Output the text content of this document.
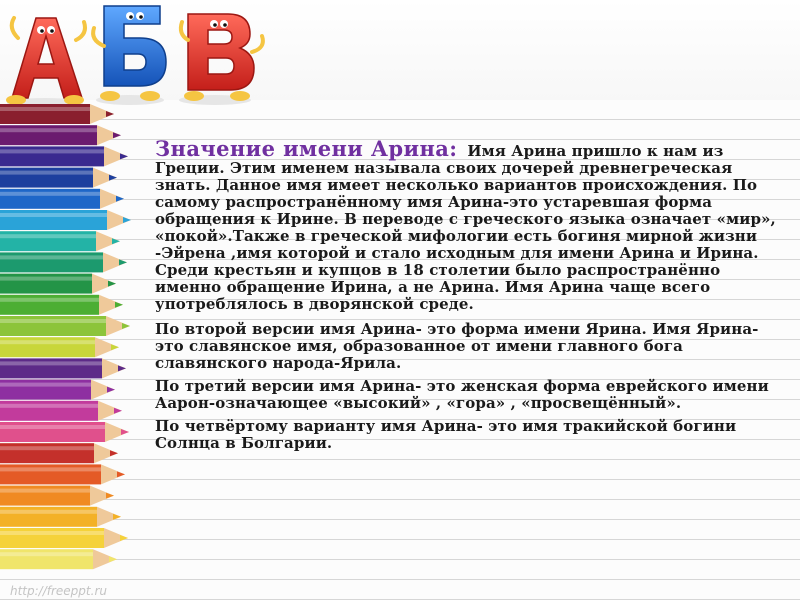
Значение имени Арина: Имя Арина пришло к нам из Греции. Этим именем называла своих дочерей древнегреческая знать. Данное имя имеет несколько вариантов происхождения. По самому распространённому имя Арина-это устаревшая форма обращения к Ирине. В переводе с греческого языка означает «мир», «покой».Также в греческой мифологии есть богиня мирной жизни -Эйрена ,имя которой и стало исходным для имени Арина и Ирина. Среди крестьян и купцов в 18 столетии было распространённо именно обращение Ирина, а не Арина. Имя Арина чаще всего употреблялось в дворянской среде.

По второй версии имя Арина- это форма имени Ярина. Имя Ярина-это славянское имя, образованное от имени главного бога славянского народа-Ярила.

По третий версии имя Арина- это женская форма еврейского имени Аарон-означающее «высокий» , «гора» , «просвещённый».

По четвёртому варианту имя Арина- это имя тракийской богини Солнца в Болгарии.

http://freeppt.ru
